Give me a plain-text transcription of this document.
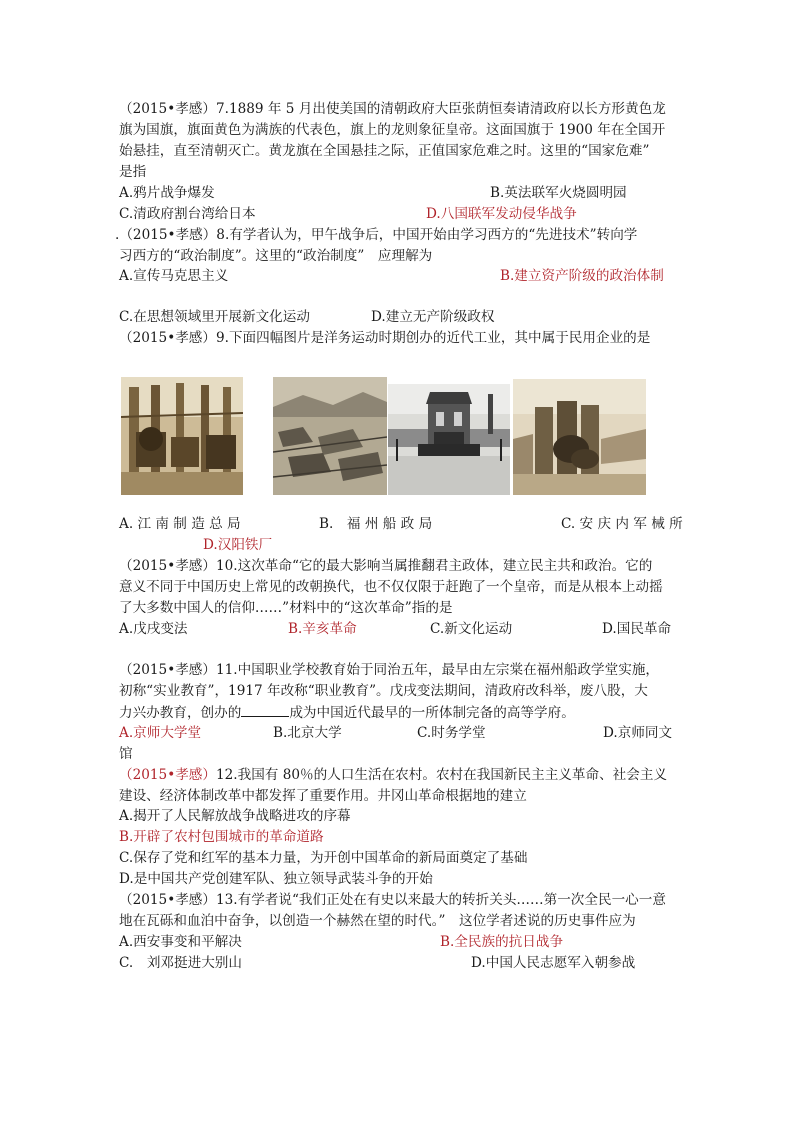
（2015•孝感）7.1889 年 5 月出使美国的清朝政府大臣张荫恒奏请清政府以长方形黄色龙
旗为国旗，旗面黄色为满族的代表色，旗上的龙则象征皇帝。这面国旗于 1900 年在全国开
始悬挂，直至清朝灭亡。黄龙旗在全国悬挂之际，正值国家危难之时。这里的“国家危难”
是指
A.鸦片战争爆发	B.英法联军火烧圆明园
C.清政府割台湾给日本	D.八国联军发动侵华战争
.（2015•孝感）8.有学者认为，甲午战争后，中国开始由学习西方的“先进技术”转向学
习西方的“政治制度”。这里的“政治制度”　应理解为
A.宣传马克思主义	B.建立资产阶级的政治体制
C.在思想领域里开展新文化运动	D.建立无产阶级政权
（2015•孝感）9.下面四幅图片是洋务运动时期创办的近代工业，其中属于民用企业的是
A. 江 南 制 造 总 局	B.　福 州 船 政 局	C. 安 庆 内 军 械 所
D.汉阳铁厂
（2015•孝感）10.这次革命“它的最大影响当属推翻君主政体，建立民主共和政治。它的
意义不同于中国历史上常见的改朝换代，也不仅仅限于赶跑了一个皇帝，而是从根本上动摇
了大多数中国人的信仰……”材料中的“这次革命”指的是
A.戊戌变法	B.辛亥革命	C.新文化运动	D.国民革命
（2015•孝感）11.中国职业学校教育始于同治五年，最早由左宗棠在福州船政学堂实施，
初称“实业教育”，1917 年改称“职业教育”。戊戌变法期间，清政府改科举，废八股，大
力兴办教育，创办的	成为中国近代最早的一所体制完备的高等学府。
A.京师大学堂	B.北京大学	C.时务学堂	D.京师同文
馆
（2015•孝感）12.我国有 80％的人口生活在农村。农村在我国新民主主义革命、社会主义
建设、经济体制改革中都发挥了重要作用。井冈山革命根据地的建立
A.揭开了人民解放战争战略进攻的序幕
B.开辟了农村包围城市的革命道路
C.保存了党和红军的基本力量，为开创中国革命的新局面奠定了基础
D.是中国共产党创建军队、独立领导武装斗争的开始
（2015•孝感）13.有学者说“我们正处在有史以来最大的转折关头……第一次全民一心一意
地在瓦砾和血泊中奋争，以创造一个赫然在望的时代。”　这位学者述说的历史事件应为
A.西安事变和平解决	B.全民族的抗日战争
C.　刘邓挺进大别山	D.中国人民志愿军入朝参战
